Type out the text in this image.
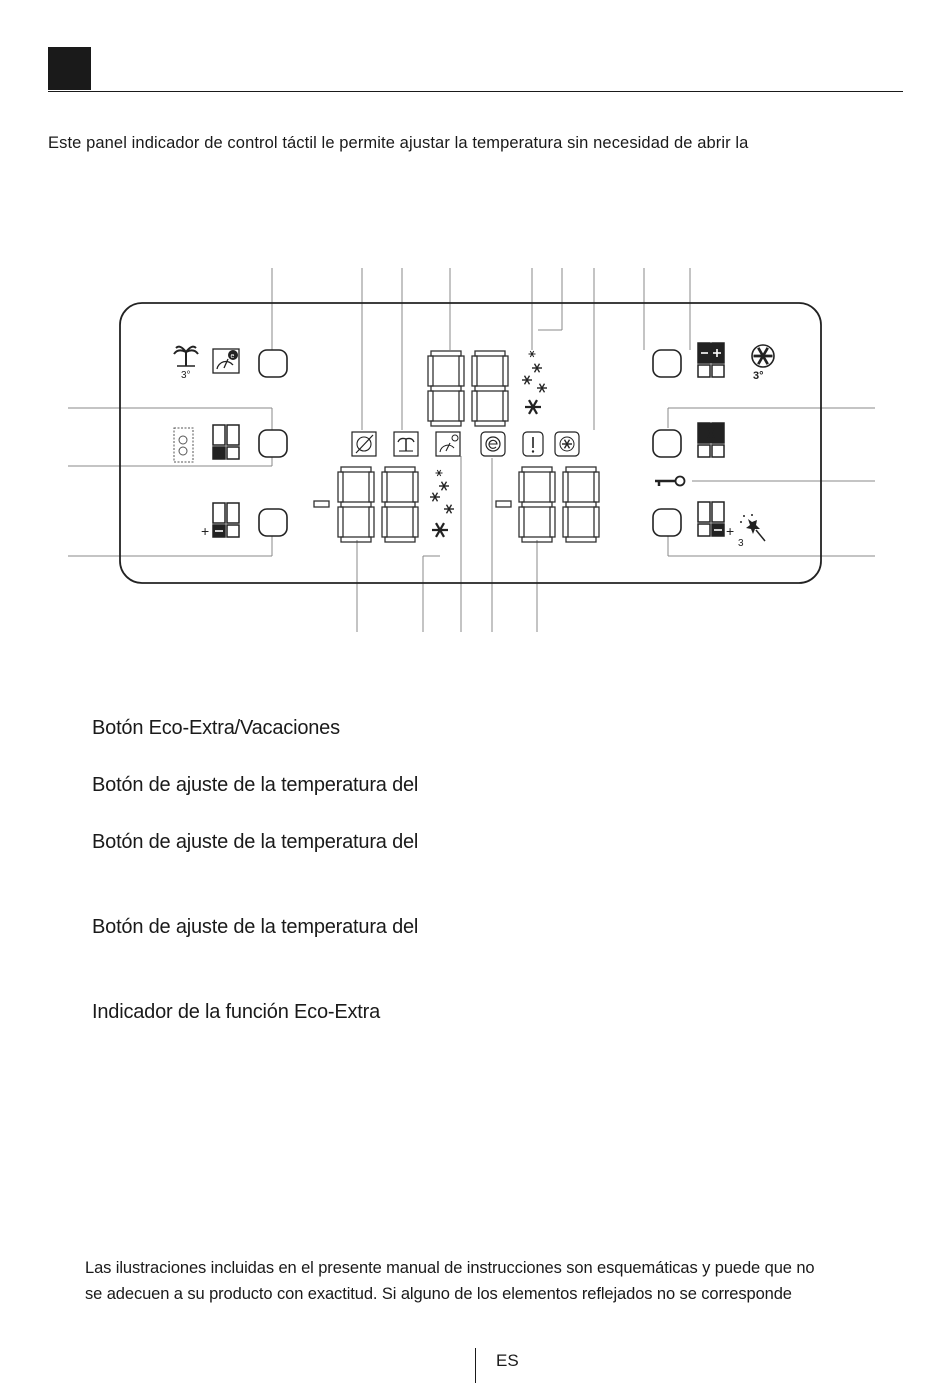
Este panel indicador de control táctil le permite ajustar la temperatura sin necesidad de abrir la
3°
e
+
3°
+
3
Botón Eco-Extra/Vacaciones
Botón de ajuste de la temperatura del
Botón de ajuste de la temperatura del
Botón de ajuste de la temperatura del
Indicador de la función Eco-Extra
Las ilustraciones incluidas en el presente manual de instrucciones son esquemáticas y puede que no
se adecuen a su producto con exactitud. Si alguno de los elementos reflejados no se corresponde
ES
